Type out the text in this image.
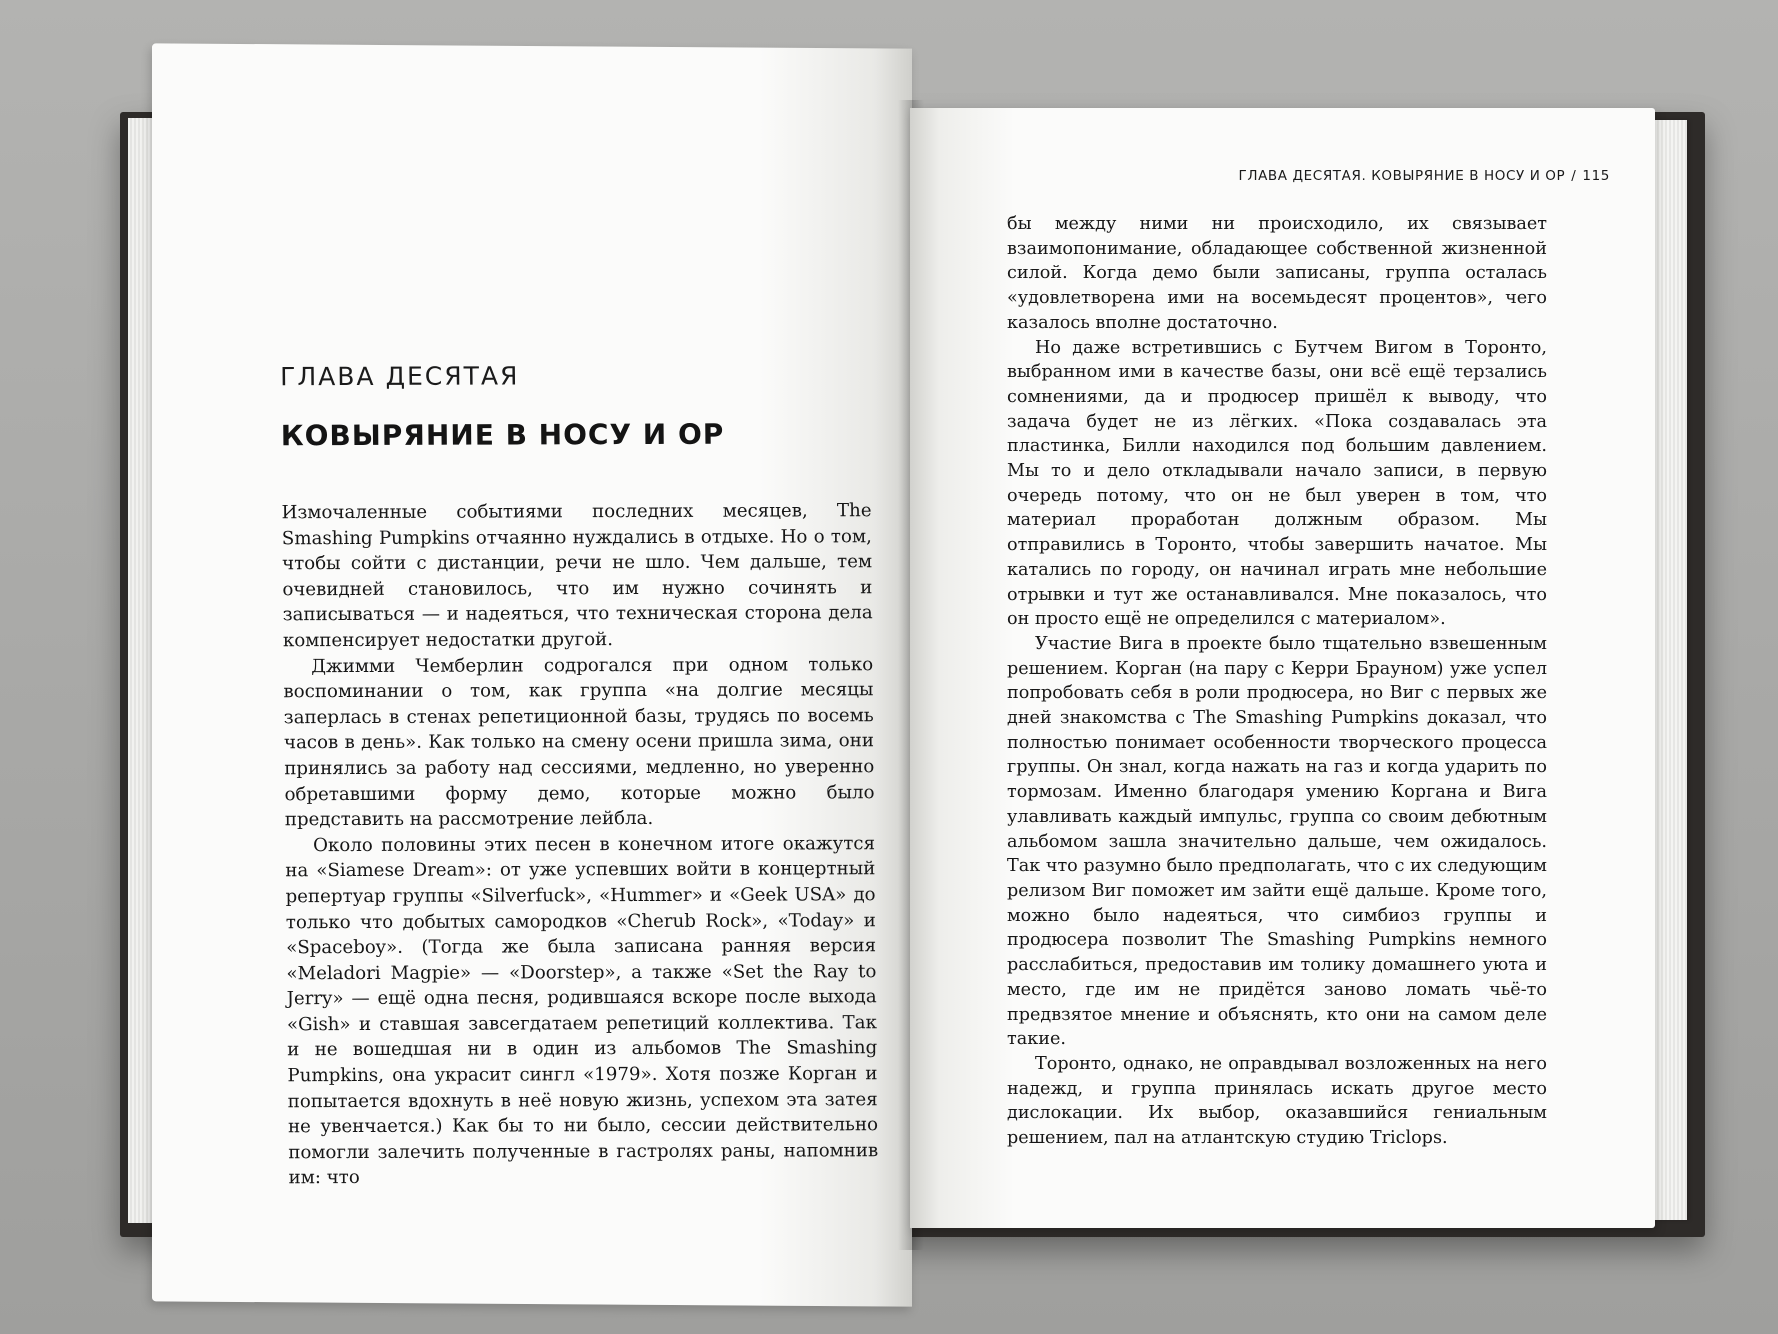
ГЛАВА ДЕСЯТАЯ
КОВЫРЯНИЕ В НОСУ И ОР

Измочаленные событиями последних месяцев, The Smashing Pumpkins отчаянно нуждались в отдыхе. Но о том, чтобы сойти с дистанции, речи не шло. Чем дальше, тем очевидней становилось, что им нужно сочинять и записываться — и надеяться, что техническая сторона дела компенсирует недостатки другой.

Джимми Чемберлин содрогался при одном только воспоминании о том, как группа «на долгие месяцы заперлась в стенах репетиционной базы, трудясь по восемь часов в день». Как только на смену осени пришла зима, они принялись за работу над сессиями, медленно, но уверенно обретавшими форму демо, которые можно было представить на рассмотрение лейбла.

Около половины этих песен в конечном итоге окажутся на «Siamese Dream»: от уже успевших войти в концертный репертуар группы «Silverfuck», «Hummer» и «Geek USA» до только что добытых самородков «Cherub Rock», «Today» и «Spaceboy». (Тогда же была записана ранняя версия «Meladori Magpie» — «Doorstep», а также «Set the Ray to Jerry» — ещё одна песня, родившаяся вскоре после выхода «Gish» и ставшая завсегдатаем репетиций коллектива. Так и не вошедшая ни в один из альбомов The Smashing Pumpkins, она украсит сингл «1979». Хотя позже Корган и попытается вдохнуть в неё новую жизнь, успехом эта затея не увенчается.) Как бы то ни было, сессии действительно помогли залечить полученные в гастролях раны, напомнив им: что

ГЛАВА ДЕСЯТАЯ. КОВЫРЯНИЕ В НОСУ И ОР / 115

бы между ними ни происходило, их связывает взаимопонимание, обладающее собственной жизненной силой. Когда демо были записаны, группа осталась «удовлетворена ими на восемьдесят процентов», чего казалось вполне достаточно.

Но даже встретившись с Бутчем Вигом в Торонто, выбранном ими в качестве базы, они всё ещё терзались сомнениями, да и продюсер пришёл к выводу, что задача будет не из лёгких. «Пока создавалась эта пластинка, Билли находился под большим давлением. Мы то и дело откладывали начало записи, в первую очередь потому, что он не был уверен в том, что материал проработан должным образом. Мы отправились в Торонто, чтобы завершить начатое. Мы катались по городу, он начинал играть мне небольшие отрывки и тут же останавливался. Мне показалось, что он просто ещё не определился с материалом».

Участие Вига в проекте было тщательно взвешенным решением. Корган (на пару с Керри Брауном) уже успел попробовать себя в роли продюсера, но Виг с первых же дней знакомства с The Smashing Pumpkins доказал, что полностью понимает особенности творческого процесса группы. Он знал, когда нажать на газ и когда ударить по тормозам. Именно благодаря умению Коргана и Вига улавливать каждый импульс, группа со своим дебютным альбомом зашла значительно дальше, чем ожидалось. Так что разумно было предполагать, что с их следующим релизом Виг поможет им зайти ещё дальше. Кроме того, можно было надеяться, что симбиоз группы и продюсера позволит The Smashing Pumpkins немного расслабиться, предоставив им толику домашнего уюта и место, где им не придётся заново ломать чьё-то предвзятое мнение и объяснять, кто они на самом деле такие.

Торонто, однако, не оправдывал возложенных на него надежд, и группа принялась искать другое место дислокации. Их выбор, оказавшийся гениальным решением, пал на атлантскую студию Triclops.
